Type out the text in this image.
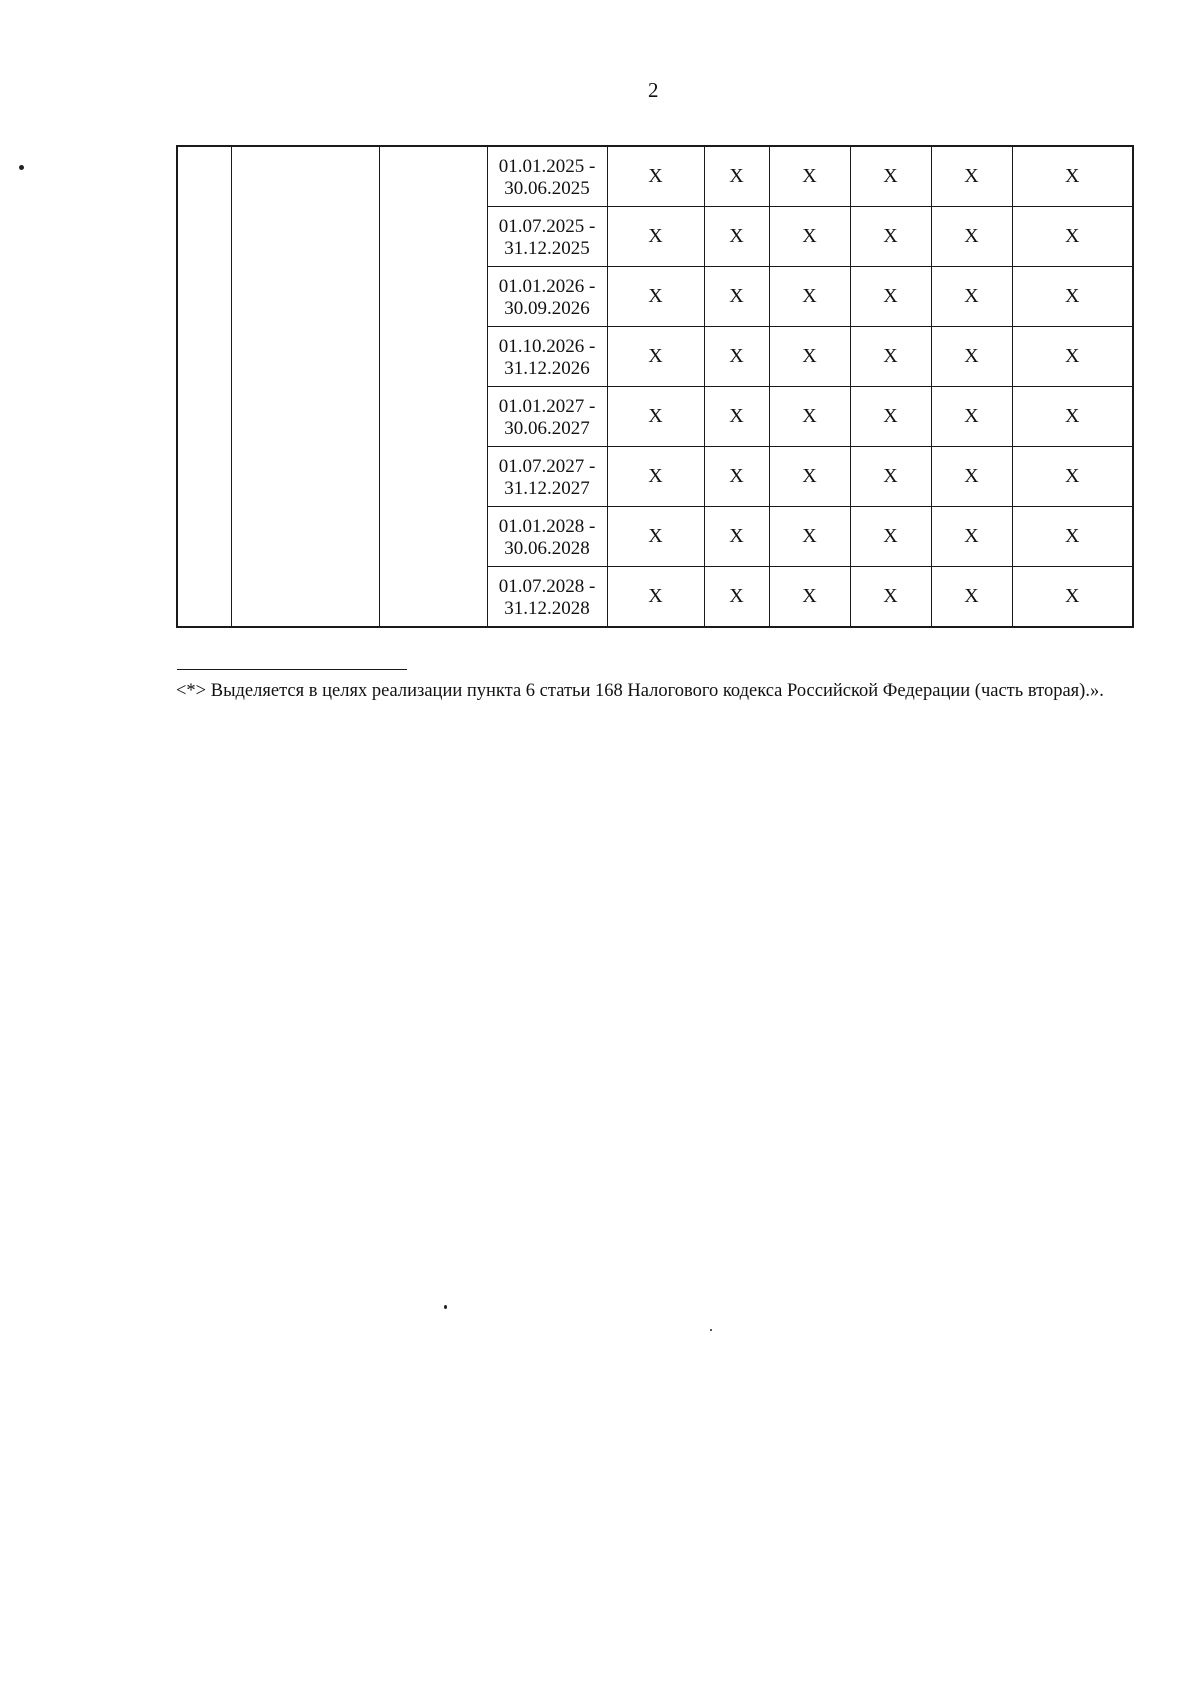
2

			01.01.2025 -
30.06.2025	X	X	X	X	X	X

			01.07.2025 -
31.12.2025	X	X	X	X	X	X

			01.01.2026 -
30.09.2026	X	X	X	X	X	X

			01.10.2026 -
31.12.2026	X	X	X	X	X	X

			01.01.2027 -
30.06.2027	X	X	X	X	X	X

			01.07.2027 -
31.12.2027	X	X	X	X	X	X

			01.01.2028 -
30.06.2028	X	X	X	X	X	X

			01.07.2028 -
31.12.2028	X	X	X	X	X	X
<*> Выделяется в целях реализации пункта 6 статьи 168 Налогового кодекса Российской Федерации (часть вторая).».
